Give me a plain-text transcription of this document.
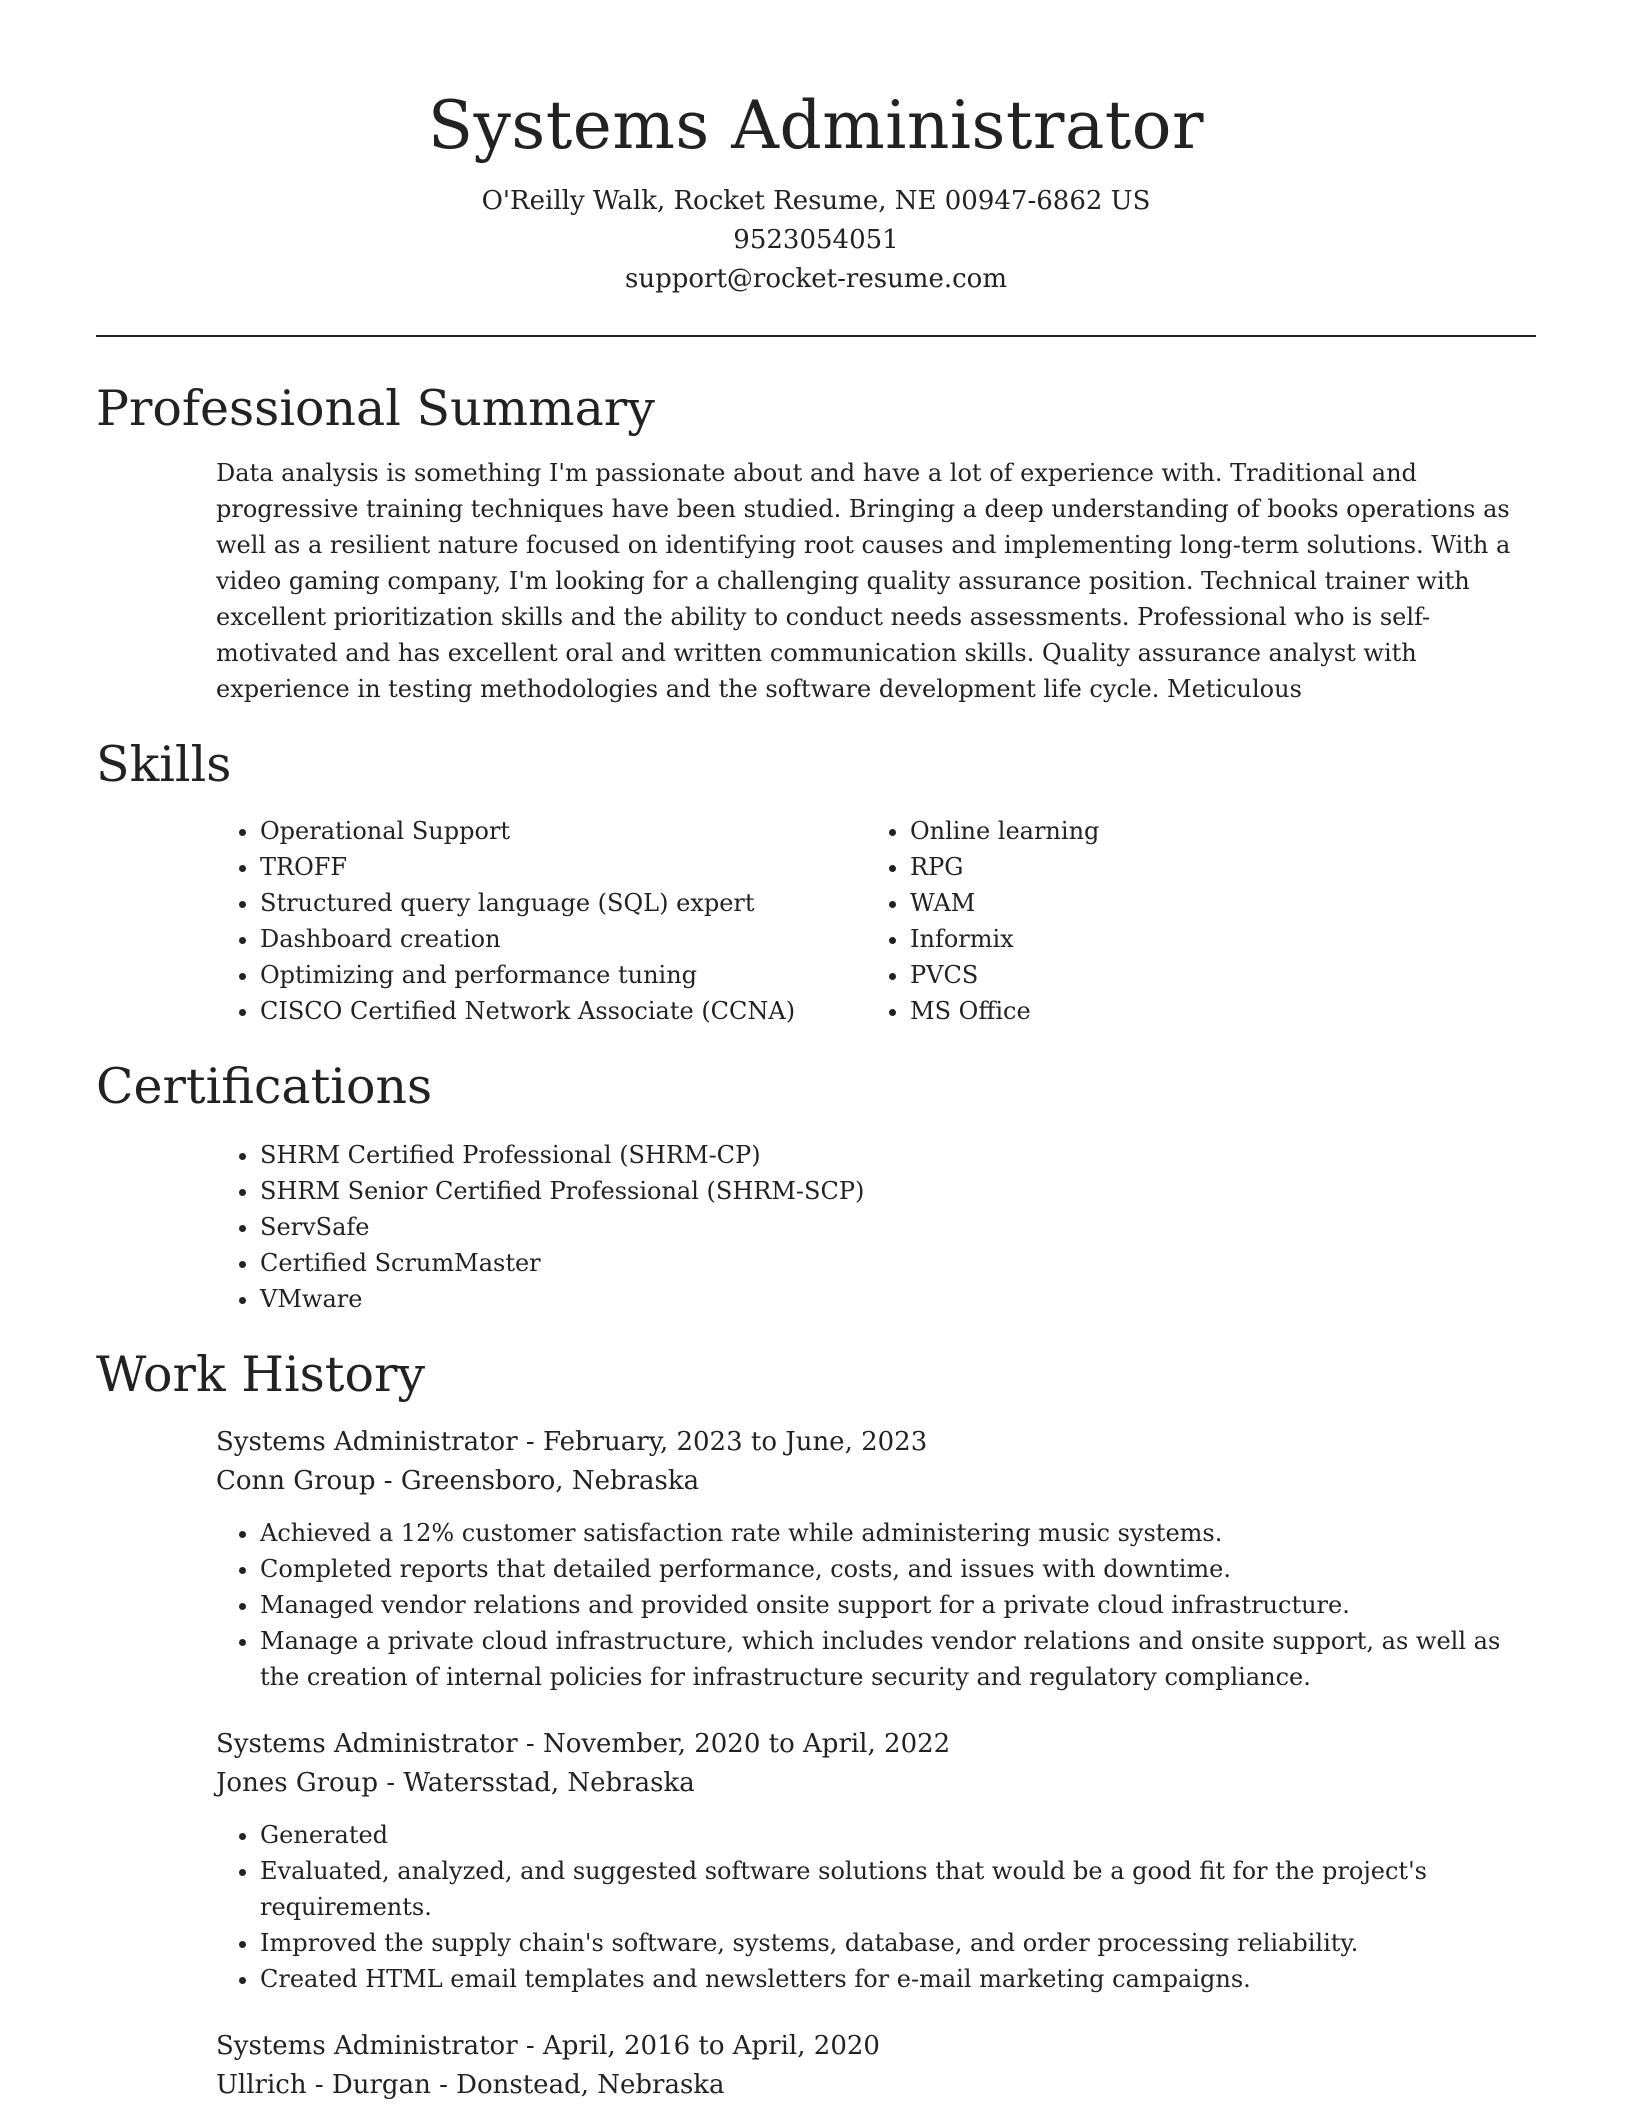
Systems Administrator
O'Reilly Walk, Rocket Resume, NE 00947-6862 US
9523054051
support@rocket-resume.com
Professional Summary

Data analysis is something I'm passionate about and have a lot of experience with. Traditional and progressive training techniques have been studied. Bringing a deep understanding of books operations as well as a resilient nature focused on identifying root causes and implementing long-term solutions. With a video gaming company, I'm looking for a challenging quality assurance position. Technical trainer with excellent prioritization skills and the ability to conduct needs assessments. Professional who is self-motivated and has excellent oral and written communication skills. Quality assurance analyst with experience in testing methodologies and the software development life cycle. Meticulous

Skills
• Operational Support
• TROFF
• Structured query language (SQL) expert
• Dashboard creation
• Optimizing and performance tuning
• CISCO Certified Network Associate (CCNA)
• Online learning
• RPG
• WAM
• Informix
• PVCS
• MS Office
Certifications
• SHRM Certified Professional (SHRM-CP)
• SHRM Senior Certified Professional (SHRM-SCP)
• ServSafe
• Certified ScrumMaster
• VMware
Work History
Systems Administrator - February, 2023 to June, 2023
Conn Group - Greensboro, Nebraska
• Achieved a 12% customer satisfaction rate while administering music systems.
• Completed reports that detailed performance, costs, and issues with downtime.
• Managed vendor relations and provided onsite support for a private cloud infrastructure.
• Manage a private cloud infrastructure, which includes vendor relations and onsite support, as well as the creation of internal policies for infrastructure security and regulatory compliance.
Systems Administrator - November, 2020 to April, 2022
Jones Group - Watersstad, Nebraska
• Generated
• Evaluated, analyzed, and suggested software solutions that would be a good fit for the project's requirements.
• Improved the supply chain's software, systems, database, and order processing reliability.
• Created HTML email templates and newsletters for e-mail marketing campaigns.
Systems Administrator - April, 2016 to April, 2020
Ullrich - Durgan - Donstead, Nebraska
